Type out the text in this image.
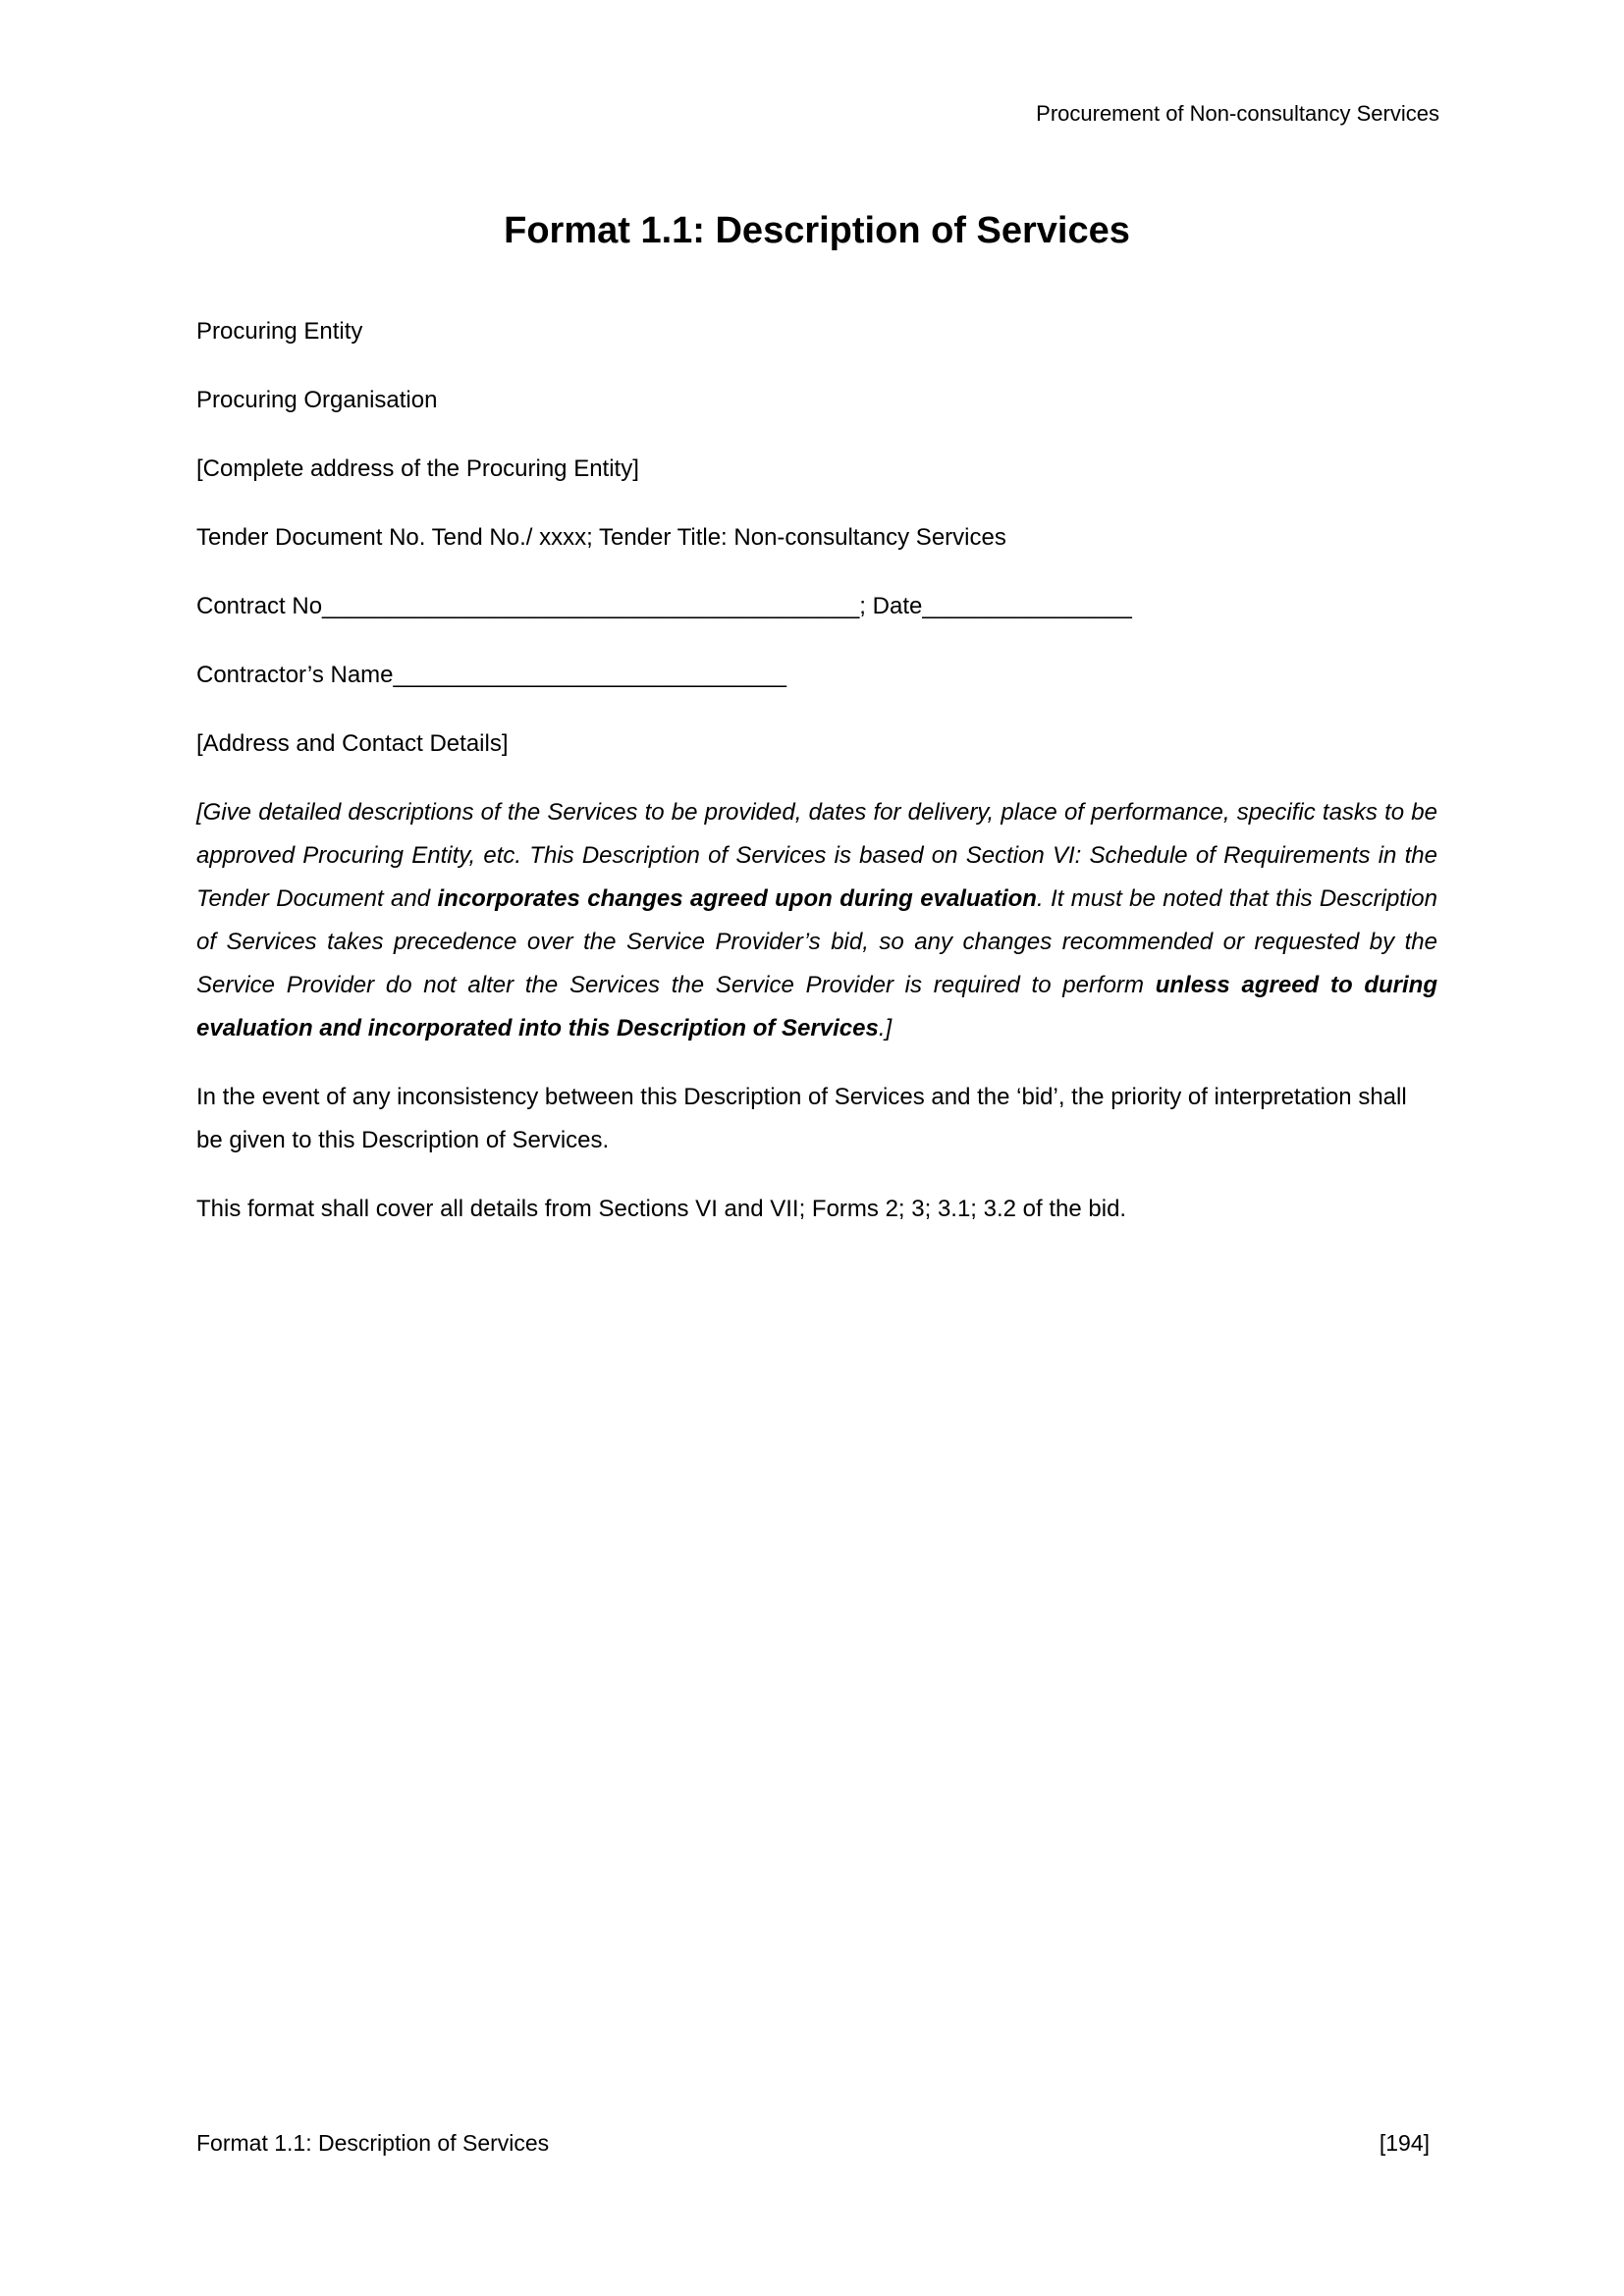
Procurement of Non-consultancy Services
Format 1.1: Description of Services

Procuring Entity

Procuring Organisation

[Complete address of the Procuring Entity]

Tender Document No. Tend No./ xxxx; Tender Title: Non-consultancy Services

Contract No_________________________________________; Date________________

Contractor’s Name______________________________

[Address and Contact Details]

[Give detailed descriptions of the Services to be provided, dates for delivery, place of performance, specific tasks to be approved Procuring Entity, etc. This Description of Services is based on Section VI: Schedule of Requirements in the Tender Document and incorporates changes agreed upon during evaluation. It must be noted that this Description of Services takes precedence over the Service Provider’s bid, so any changes recommended or requested by the Service Provider do not alter the Services the Service Provider is required to perform unless agreed to during evaluation and incorporated into this Description of Services.]

In the event of any inconsistency between this Description of Services and the ‘bid’, the priority of interpretation shall be given to this Description of Services.

This format shall cover all details from Sections VI and VII; Forms 2; 3; 3.1; 3.2 of the bid.

Format 1.1: Description of Services	[194]
